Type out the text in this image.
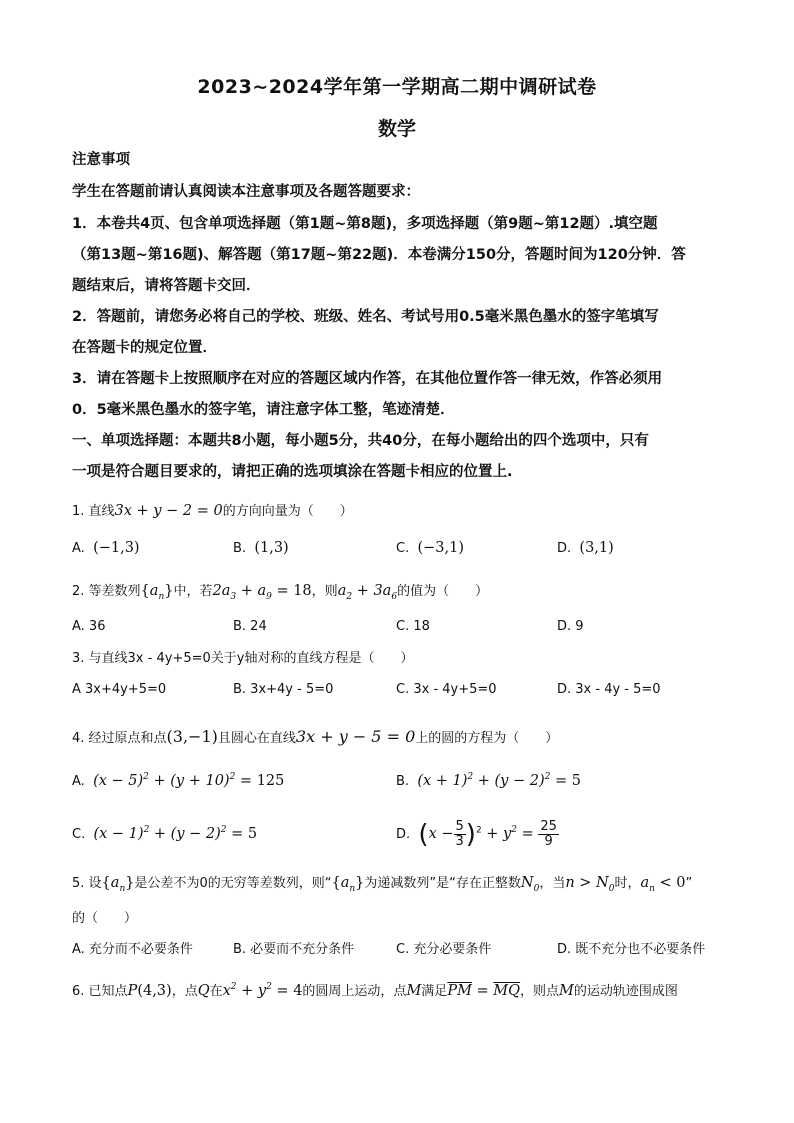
2023~2024学年第一学期高二期中调研试卷
数学
注意事项
学生在答题前请认真阅读本注意事项及各题答题要求：
1．本卷共4页、包含单项选择题（第1题~第8题)，多项选择题（第9题~第12题）.填空题
（第13题~第16题)、解答题（第17题~第22题)．本卷满分150分，答题时间为120分钟．答
题结束后，请将答题卡交回．
2．答题前，请您务必将自己的学校、班级、姓名、考试号用0.5毫米黑色墨水的签字笔填写
在答题卡的规定位置．
3．请在答题卡上按照顺序在对应的答题区域内作答，在其他位置作答一律无效，作答必须用
0．5毫米黑色墨水的签字笔，请注意字体工整，笔迹清楚．
一、单项选择题：本题共8小题，每小题5分，共40分，在每小题给出的四个选项中，只有
一项是符合题目要求的，请把正确的选项填涂在答题卡相应的位置上.
1. 直线3x + y − 2 = 0的方向向量为（　　）
A. (−1,3)	B. (1,3)	C. (−3,1)	D. (3,1)
2. 等差数列$\{a_n\}$中，若$2a_3 + a_9 = 18$，则$a_2 + 3a_6$的值为（　　）
A. 36	B. 24	C. 18	D. 9
3. 与直线3x - 4y+5=0关于y轴对称的直线方程是（　　）
A 3x+4y+5=0	B. 3x+4y - 5=0	C. 3x - 4y+5=0	D. 3x - 4y - 5=0
4. 经过原点和点(3,−1)且圆心在直线3x + y − 5 = 0上的圆的方程为（　　）
A. $(x - 5)^2 + (y + 10)^2 = 125$	B. $(x + 1)^2 + (y - 2)^2 = 5$
C. $(x - 1)^2 + (y - 2)^2 = 5$	D. $(x - \frac{5}{3} )^2 + y^2 = \frac{25}{9}$
5. 设$\{a_n\}$是公差不为0的无穷等差数列，则“$\{a_n\}$为递减数列”是“存在正整数$N_0$，当$n > N_0$时，$a_n < 0$”
的（　　）
A. 充分而不必要条件	B. 必要而不充分条件	C. 充分必要条件	D. 既不充分也不必要条件
6. 已知点P(4,3)，点Q在$x^2 + y^2 = 4$的圆周上运动，点M满足$\overline{PM} = \overline{MQ}$，则点M的运动轨迹围成图
